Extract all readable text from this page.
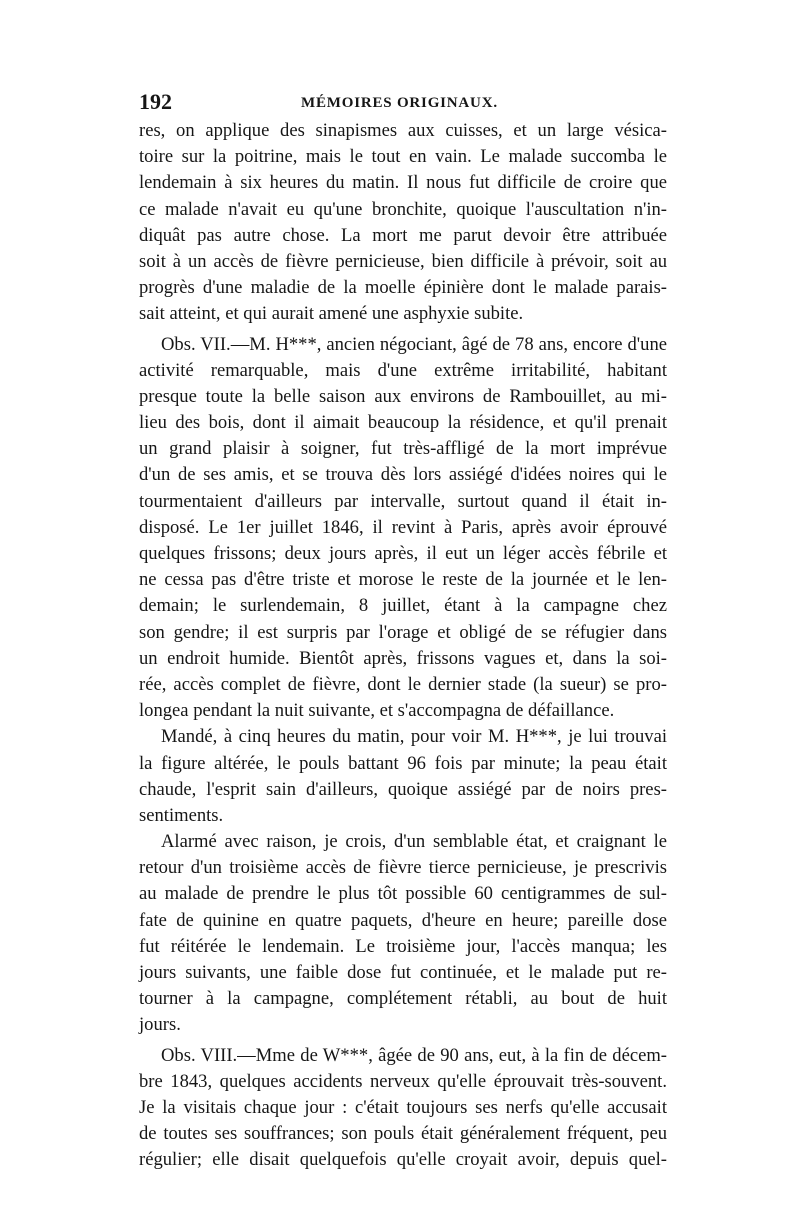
192	MÉMOIRES ORIGINAUX.
res, on applique des sinapismes aux cuisses, et un large vésica-
toire sur la poitrine, mais le tout en vain. Le malade succomba le
lendemain à six heures du matin. Il nous fut difficile de croire que
ce malade n'avait eu qu'une bronchite, quoique l'auscultation n'in-
diquât pas autre chose. La mort me parut devoir être attribuée
soit à un accès de fièvre pernicieuse, bien difficile à prévoir, soit au
progrès d'une maladie de la moelle épinière dont le malade parais-
sait atteint, et qui aurait amené une asphyxie subite.
Obs. VII.—M. H***, ancien négociant, âgé de 78 ans, encore d'une
activité remarquable, mais d'une extrême irritabilité, habitant
presque toute la belle saison aux environs de Rambouillet, au mi-
lieu des bois, dont il aimait beaucoup la résidence, et qu'il prenait
un grand plaisir à soigner, fut très-affligé de la mort imprévue
d'un de ses amis, et se trouva dès lors assiégé d'idées noires qui le
tourmentaient d'ailleurs par intervalle, surtout quand il était in-
disposé. Le 1er juillet 1846, il revint à Paris, après avoir éprouvé
quelques frissons; deux jours après, il eut un léger accès fébrile et
ne cessa pas d'être triste et morose le reste de la journée et le len-
demain; le surlendemain, 8 juillet, étant à la campagne chez
son gendre; il est surpris par l'orage et obligé de se réfugier dans
un endroit humide. Bientôt après, frissons vagues et, dans la soi-
rée, accès complet de fièvre, dont le dernier stade (la sueur) se pro-
longea pendant la nuit suivante, et s'accompagna de défaillance.
Mandé, à cinq heures du matin, pour voir M. H***, je lui trouvai
la figure altérée, le pouls battant 96 fois par minute; la peau était
chaude, l'esprit sain d'ailleurs, quoique assiégé par de noirs pres-
sentiments.
Alarmé avec raison, je crois, d'un semblable état, et craignant le
retour d'un troisième accès de fièvre tierce pernicieuse, je prescrivis
au malade de prendre le plus tôt possible 60 centigrammes de sul-
fate de quinine en quatre paquets, d'heure en heure; pareille dose
fut réitérée le lendemain. Le troisième jour, l'accès manqua; les
jours suivants, une faible dose fut continuée, et le malade put re-
tourner à la campagne, complétement rétabli, au bout de huit
jours.
Obs. VIII.—Mme de W***, âgée de 90 ans, eut, à la fin de décem-
bre 1843, quelques accidents nerveux qu'elle éprouvait très-souvent.
Je la visitais chaque jour : c'était toujours ses nerfs qu'elle accusait
de toutes ses souffrances; son pouls était généralement fréquent, peu
régulier; elle disait quelquefois qu'elle croyait avoir, depuis quel-
